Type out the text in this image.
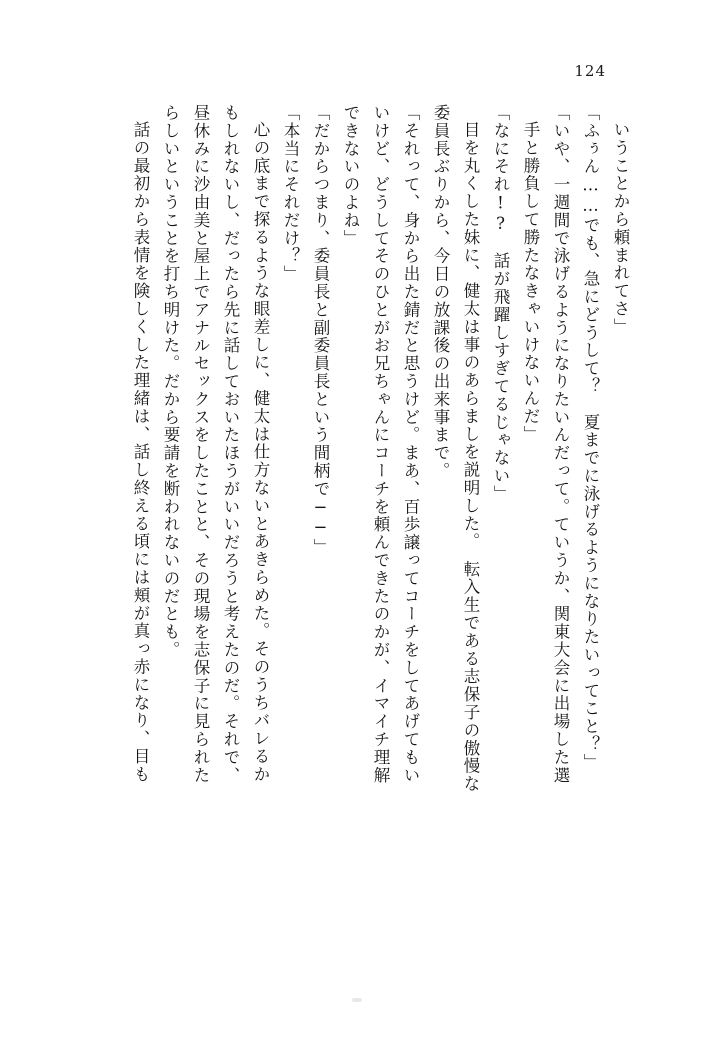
124
いうことから頼まれてさ」
「ふぅん……でも、急にどうして？　夏までに泳げるようになりたいってこと？」
「いや、一週間で泳げるようになりたいんだって。ていうか、関東大会に出場した選
手と勝負して勝たなきゃいけないんだ」
「なにそれ!?　話が飛躍しすぎてるじゃない」
目を丸くした妹に、健太は事のあらましを説明した。　転入生である志保子の傲慢な
委員長ぶりから、今日の放課後の出来事まで。
「それって、身から出た錆だと思うけど。まあ、百歩譲ってコーチをしてあげてもい
いけど、どうしてそのひとがお兄ちゃんにコーチを頼んできたのかが、イマイチ理解
できないのよね」
「だからつまり、委員長と副委員長という間柄で──」
「本当にそれだけ？」
心の底まで探るような眼差しに、健太は仕方ないとあきらめた。そのうちバレるか
もしれないし、だったら先に話しておいたほうがいいだろうと考えたのだ。それで、
昼休みに沙由美と屋上でアナルセックスをしたことと、その現場を志保子に見られた
らしいということを打ち明けた。だから要請を断われないのだとも。
話の最初から表情を険しくした理緒は、話し終える頃には頬が真っ赤になり、目も
